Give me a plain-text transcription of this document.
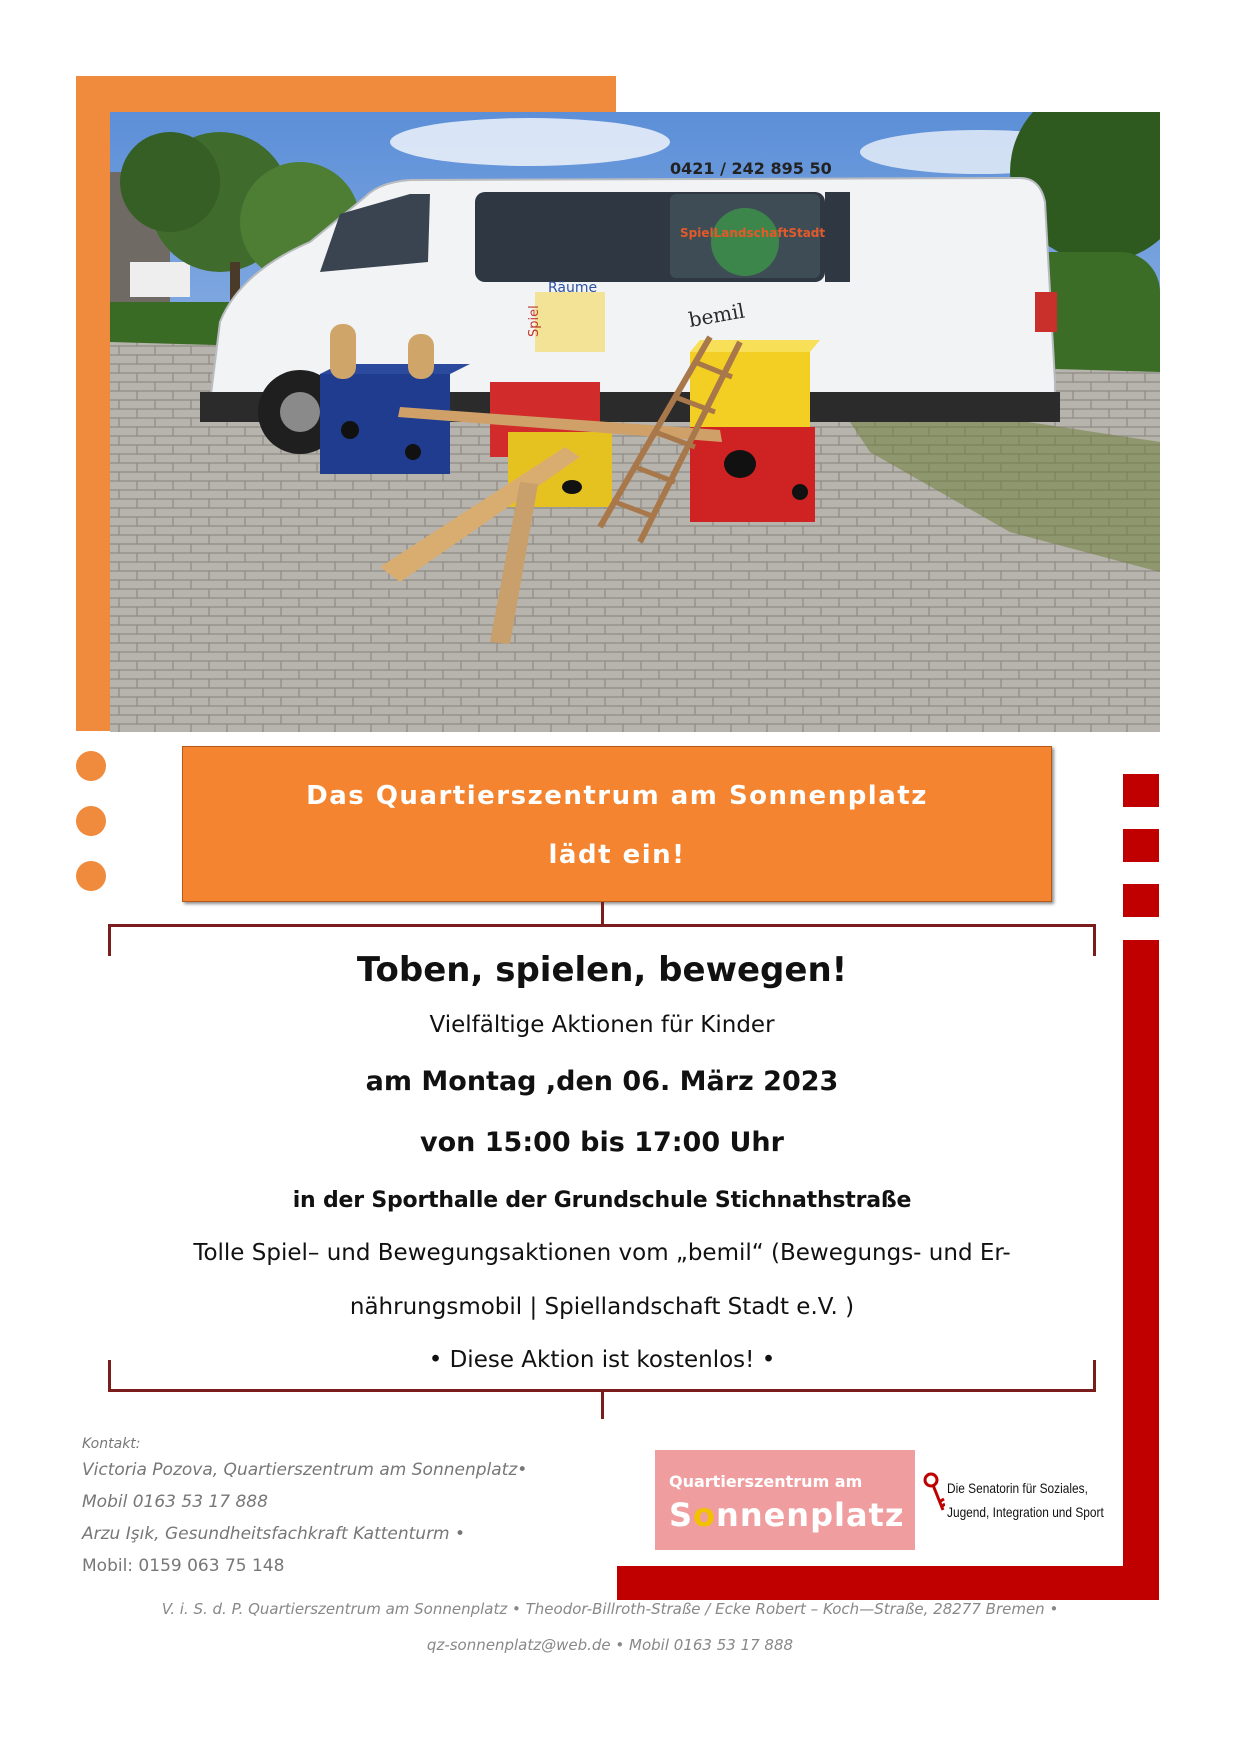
0421 / 242 895 50
SpielLandschaftStadt
Räume
Spiel	bemil
Das Quartierszentrum am Sonnenplatz
lädt ein!
Toben, spielen, bewegen!
Vielfältige Aktionen für Kinder
am Montag ,den 06. März 2023
von 15:00 bis 17:00 Uhr
in der Sporthalle der Grundschule Stichnathstraße
Tolle Spiel– und Bewegungsaktionen vom „bemil“ (Bewegungs- und Er-
nährungsmobil | Spiellandschaft Stadt e.V. )
• Diese Aktion ist kostenlos! •
Kontakt:
Victoria Pozova, Quartierszentrum am Sonnenplatz•
Mobil 0163 53 17 888
Arzu Işık, Gesundheitsfachkraft Kattenturm •
Mobil: 0159 063 75 148
Quartierszentrum am
Sonnenplatz
Die Senatorin für Soziales,
Jugend, Integration und Sport
V. i. S. d. P. Quartierszentrum am Sonnenplatz • Theodor-Billroth-Straße / Ecke Robert – Koch—Straße, 28277 Bremen •
qz-sonnenplatz@web.de • Mobil 0163 53 17 888
